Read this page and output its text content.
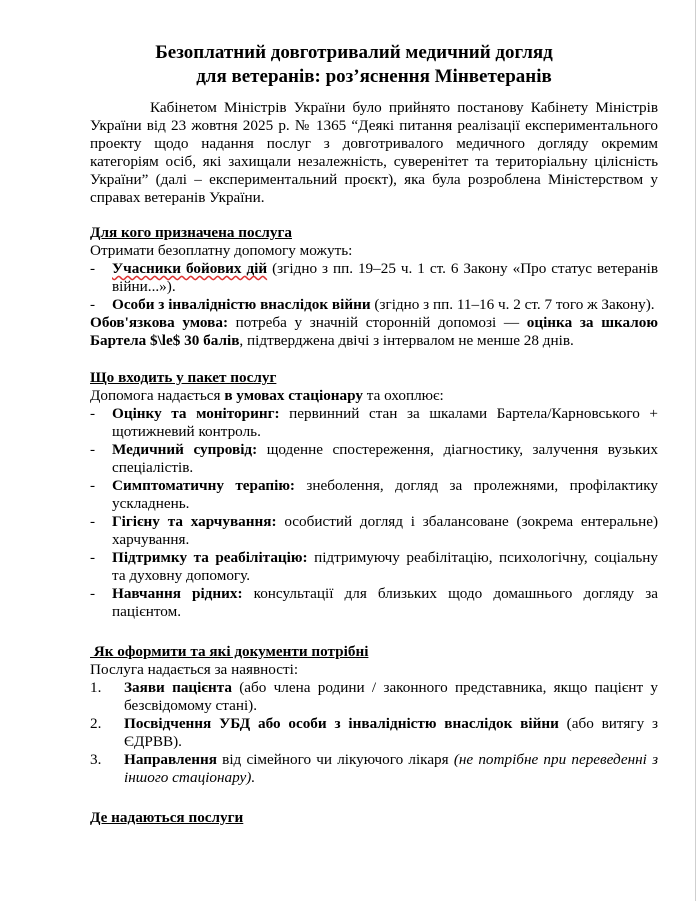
Безоплатний довготривалий медичний догляд
для ветеранів: роз’яснення Мінветеранів

Кабінетом Міністрів України було прийнято постанову Кабінету Міністрів України від 23 жовтня 2025 р. № 1365 “Деякі питання реалізації експериментального проекту щодо надання послуг з довготривалого медичного догляду окремим категоріям осіб, які захищали незалежність, суверенітет та територіальну цілісність України” (далі – експериментальний проєкт), яка була розроблена Міністерством у справах ветеранів України.

Для кого призначена послуга

Отримати безоплатну допомогу можуть:

- Учасники бойових дій (згідно з пп. 19–25 ч. 1 ст. 6 Закону «Про статус ветеранів війни...»).
- Особи з інвалідністю внаслідок війни (згідно з пп. 11–16 ч. 2 ст. 7 того ж Закону).

Обов'язкова умова: потреба у значній сторонній допомозі — оцінка за шкалою Бартела $\le$ 30 балів, підтверджена двічі з інтервалом не менше 28 днів.

Що входить у пакет послуг

Допомога надається в умовах стаціонару та охоплює:

- Оцінку та моніторинг: первинний стан за шкалами Бартела/Карновського + щотижневий контроль.
- Медичний супровід: щоденне спостереження, діагностику, залучення вузьких спеціалістів.
- Симптоматичну терапію: знеболення, догляд за пролежнями, профілактику ускладнень.
- Гігієну та харчування: особистий догляд і збалансоване (зокрема ентеральне) харчування.
- Підтримку та реабілітацію: підтримуючу реабілітацію, психологічну, соціальну та духовну допомогу.
- Навчання рідних: консультації для близьких щодо домашнього догляду за пацієнтом.

Як оформити та які документи потрібні

Послуга надається за наявності:

1. Заяви пацієнта (або члена родини / законного представника, якщо пацієнт у безсвідомому стані).
2. Посвідчення УБД або особи з інвалідністю внаслідок війни (або витягу з ЄДРВВ).
3. Направлення від сімейного чи лікуючого лікаря (не потрібне при переведенні з іншого стаціонару).

Де надаються послуги
